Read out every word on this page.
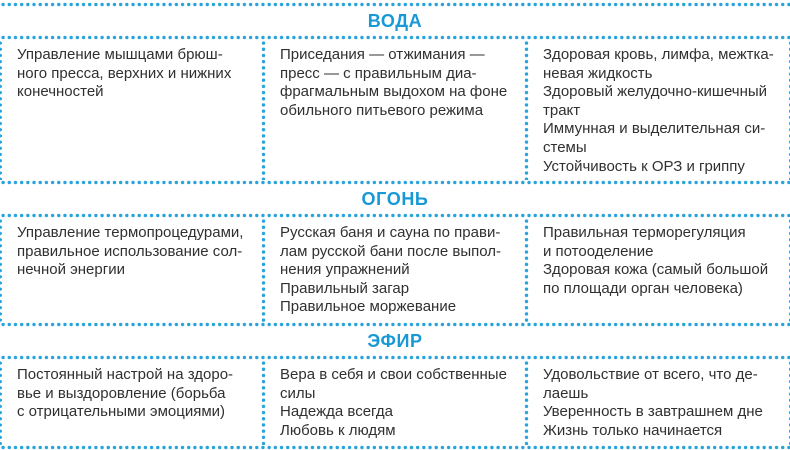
ВОДА
Управление мышцами брюш-
ного пресса, верхних и нижних
конечностей
Приседания — отжимания —
пресс — с правильным диа-
фрагмальным выдохом на фоне
обильного питьевого режима
Здоровая кровь, лимфа, межтка-
невая жидкость
Здоровый желудочно-кишечный
тракт
Иммунная и выделительная си-
стемы
Устойчивость к ОРЗ и гриппу
ОГОНЬ
Управление термопроцедурами,
правильное использование сол-
нечной энергии
Русская баня и сауна по прави-
лам русской бани после выпол-
нения упражнений
Правильный загар
Правильное моржевание
Правильная терморегуляция
и потооделение
Здоровая кожа (самый большой
по площади орган человека)
ЭФИР
Постоянный настрой на здоро-
вье и выздоровление (борьба
с отрицательными эмоциями)
Вера в себя и свои собственные
силы
Надежда всегда
Любовь к людям
Удовольствие от всего, что де-
лаешь
Уверенность в завтрашнем дне
Жизнь только начинается
